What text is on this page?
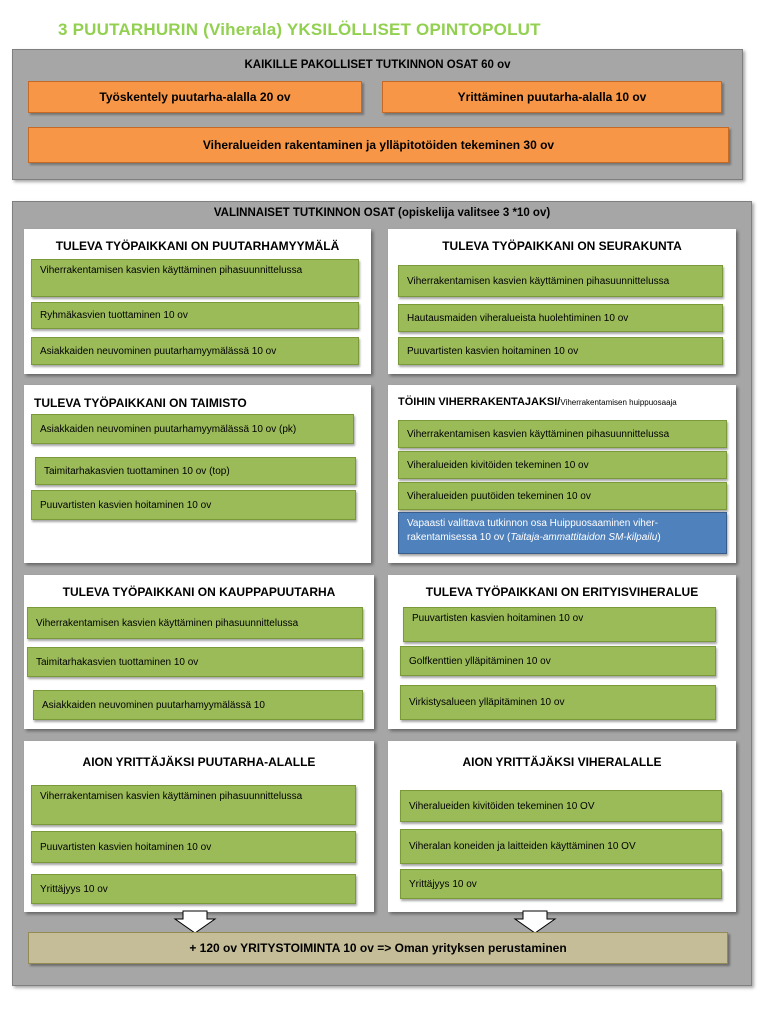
3 PUUTARHURIN (Viherala) YKSILÖLLISET OPINTOPOLUT
KAIKILLE PAKOLLISET TUTKINNON OSAT 60 ov
Työskentely puutarha-alalla 20 ov	Yrittäminen puutarha-alalla 10 ov
Viheralueiden rakentaminen ja ylläpitotöiden tekeminen 30 ov
VALINNAISET TUTKINNON OSAT (opiskelija valitsee 3 *10 ov)
TULEVA TYÖPAIKKANI ON PUUTARHAMYYMÄLÄ
Viherrakentamisen kasvien käyttäminen pihasuunnittelussa
Ryhmäkasvien tuottaminen 10 ov
Asiakkaiden neuvominen puutarhamyymälässä 10 ov
TULEVA TYÖPAIKKANI ON SEURAKUNTA
Viherrakentamisen kasvien käyttäminen pihasuunnittelussa
Hautausmaiden viheralueista huolehtiminen 10 ov
Puuvartisten kasvien hoitaminen 10 ov
TULEVA TYÖPAIKKANI ON TAIMISTO
Asiakkaiden neuvominen puutarhamyymälässä 10 ov (pk)
Taimitarhakasvien tuottaminen 10 ov (top)
Puuvartisten kasvien hoitaminen 10 ov
TÖIHIN VIHERRAKENTAJAKSI/Viherrakentamisen huippuosaaja
Viherrakentamisen kasvien käyttäminen pihasuunnittelussa
Viheralueiden kivitöiden tekeminen 10 ov
Viheralueiden puutöiden tekeminen 10 ov
Vapaasti valittava tutkinnon osa Huippuosaaminen viher-
rakentamisessa 10 ov (Taitaja-ammattitaidon SM-kilpailu)
TULEVA TYÖPAIKKANI ON KAUPPAPUUTARHA
Viherrakentamisen kasvien käyttäminen pihasuunnittelussa
Taimitarhakasvien tuottaminen 10 ov
Asiakkaiden neuvominen puutarhamyymälässä 10
TULEVA TYÖPAIKKANI ON ERITYISVIHERALUE
Puuvartisten kasvien hoitaminen 10 ov
Golfkenttien ylläpitäminen 10 ov
Virkistysalueen ylläpitäminen 10 ov
AION YRITTÄJÄKSI PUUTARHA-ALALLE
Viherrakentamisen kasvien käyttäminen pihasuunnittelussa
Puuvartisten kasvien hoitaminen 10 ov
Yrittäjyys 10 ov
AION YRITTÄJÄKSI VIHERALALLE
Viheralueiden kivitöiden tekeminen 10 OV
Viheralan koneiden ja laitteiden käyttäminen 10 OV
Yrittäjyys 10 ov
+ 120 ov YRITYSTOIMINTA 10 ov => Oman yrityksen perustaminen
